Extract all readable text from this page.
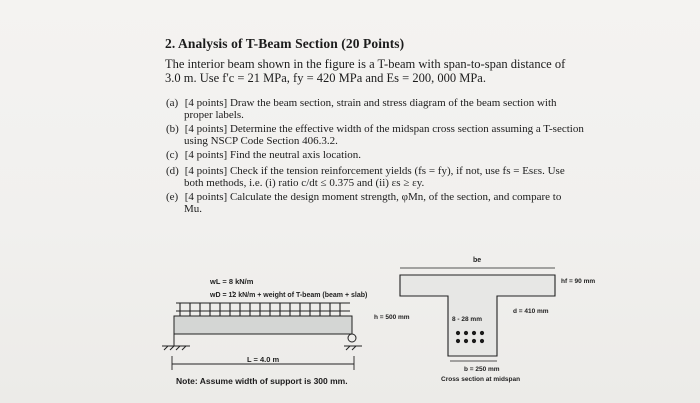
2. Analysis of T-Beam Section (20 Points)
The interior beam shown in the figure is a T-beam with span-to-span distance of
3.0 m. Use f'c = 21 MPa, fy = 420 MPa and Es = 200, 000 MPa.
(a) [4 points] Draw the beam section, strain and stress diagram of the beam section with
proper labels.
(b) [4 points] Determine the effective width of the midspan cross section assuming a T-section
using NSCP Code Section 406.3.2.
(c) [4 points] Find the neutral axis location.
(d) [4 points] Check if the tension reinforcement yields (fs = fy), if not, use fs = Esεs. Use
both methods, i.e. (i) ratio c/dt ≤ 0.375 and (ii) εs ≥ εy.
(e) [4 points] Calculate the design moment strength, φMn, of the section, and compare to
Mu.
wL = 8 kN/m
wD = 12 kN/m + weight of T-beam (beam + slab)
L = 4.0 m
be
8 - 28 mm
hf = 90 mm
h = 500 mm
d = 410 mm
b = 250 mm
Cross section at midspan
Note: Assume width of support is 300 mm.
